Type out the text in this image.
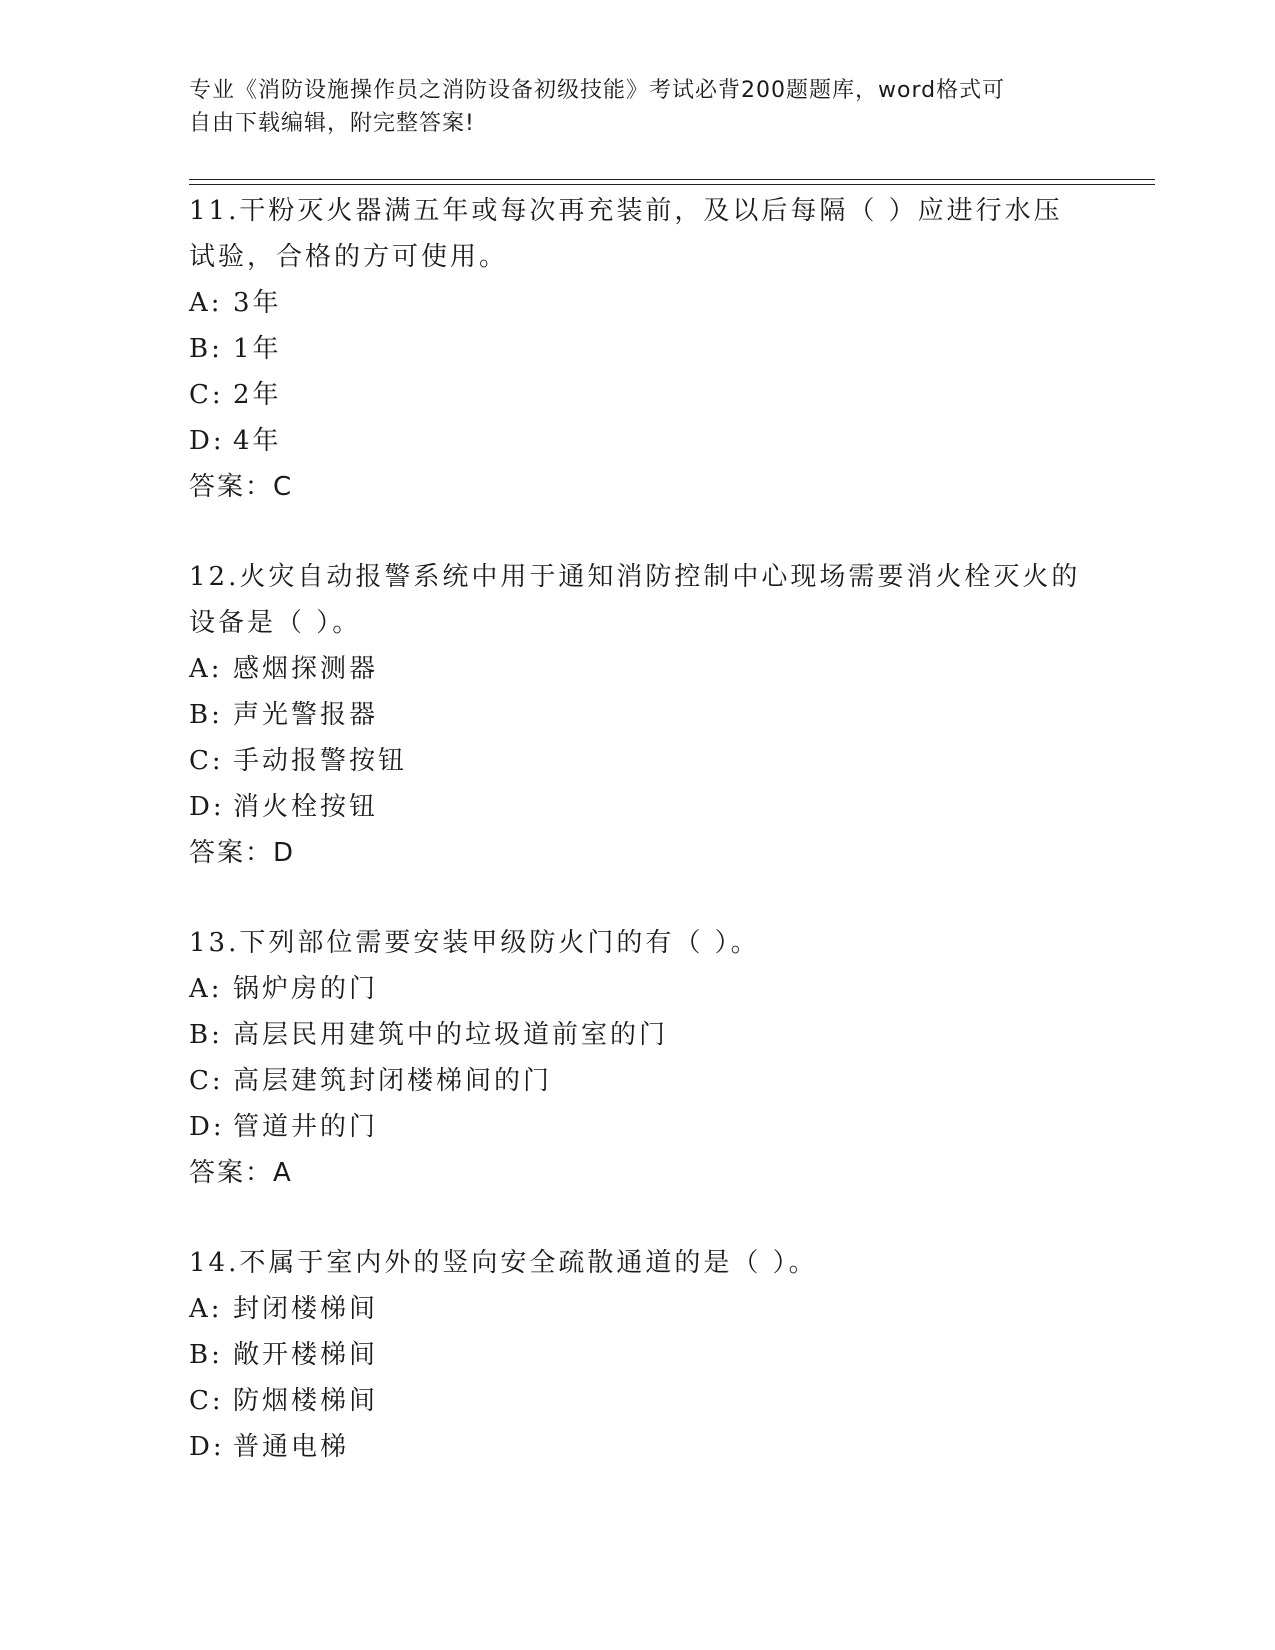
专业《消防设施操作员之消防设备初级技能》考试必背200题题库，word格式可
自由下载编辑，附完整答案!
11.干粉灭火器满五年或每次再充装前，及以后每隔（ ）应进行水压试验，合格的方可使用。
A: 3年
B: 1年
C: 2年
D: 4年
答案：C
12.火灾自动报警系统中用于通知消防控制中心现场需要消火栓灭火的设备是（ ）。
A: 感烟探测器
B: 声光警报器
C: 手动报警按钮
D: 消火栓按钮
答案：D
13.下列部位需要安装甲级防火门的有（ ）。
A: 锅炉房的门
B: 高层民用建筑中的垃圾道前室的门
C: 高层建筑封闭楼梯间的门
D: 管道井的门
答案：A
14.不属于室内外的竖向安全疏散通道的是（ ）。
A: 封闭楼梯间
B: 敞开楼梯间
C: 防烟楼梯间
D: 普通电梯
